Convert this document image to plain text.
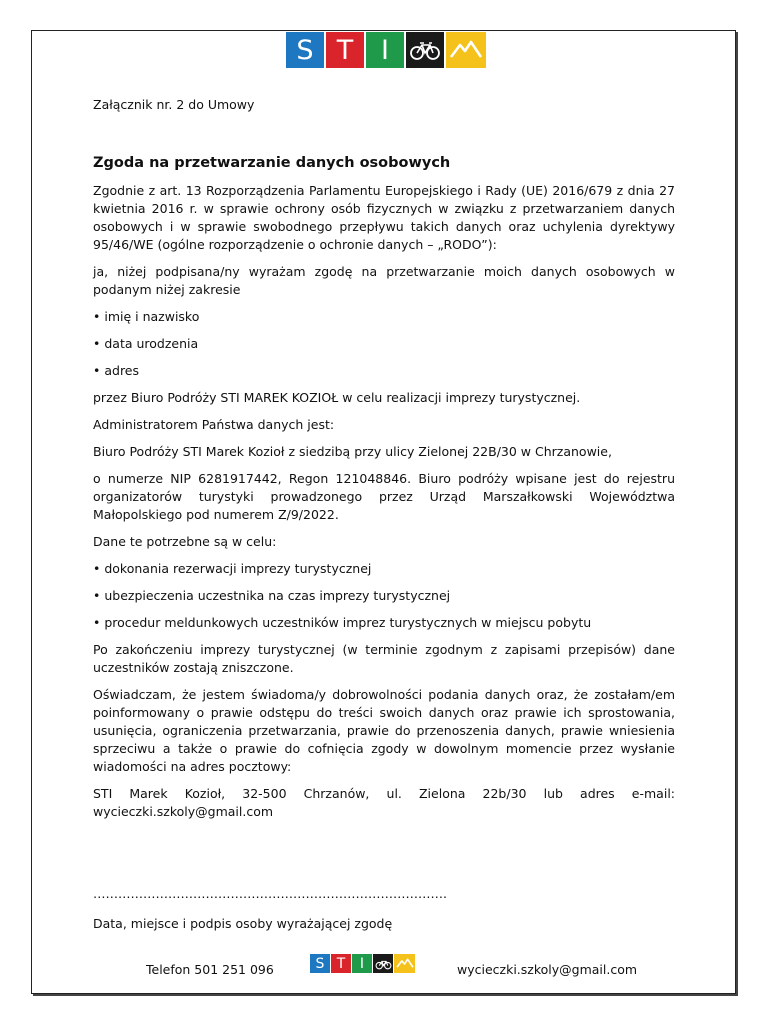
S T	I

Załącznik nr. 2 do Umowy

Zgoda na przetwarzanie danych osobowych

Zgodnie z art. 13 Rozporządzenia Parlamentu Europejskiego i Rady (UE) 2016/679 z dnia 27 kwietnia 2016 r. w sprawie ochrony osób fizycznych w związku z przetwarzaniem danych osobowych i w sprawie swobodnego przepływu takich danych oraz uchylenia dyrektywy 95/46/WE (ogólne rozporządzenie o ochronie danych – „RODO”):

ja, niżej podpisana/ny wyrażam zgodę na przetwarzanie moich danych osobowych w podanym niżej zakresie

• imię i nazwisko

• data urodzenia

• adres

przez Biuro Podróży STI MAREK KOZIOŁ w celu realizacji imprezy turystycznej.

Administratorem Państwa danych jest:

Biuro Podróży STI Marek Kozioł z siedzibą przy ulicy Zielonej 22B/30 w Chrzanowie,

o numerze NIP 6281917442, Regon 121048846. Biuro podróży wpisane jest do rejestru organizatorów turystyki prowadzonego przez Urząd Marszałkowski Województwa Małopolskiego pod numerem Z/9/2022.

Dane te potrzebne są w celu:

• dokonania rezerwacji imprezy turystycznej

• ubezpieczenia uczestnika na czas imprezy turystycznej

• procedur meldunkowych uczestników imprez turystycznych w miejscu pobytu

Po zakończeniu imprezy turystycznej (w terminie zgodnym z zapisami przepisów) dane uczestników zostają zniszczone.

Oświadczam, że jestem świadoma/y dobrowolności podania danych oraz, że zostałam/em poinformowany o prawie odstępu do treści swoich danych oraz prawie ich sprostowania, usunięcia, ograniczenia przetwarzania, prawie do przenoszenia danych, prawie wniesienia sprzeciwu a także o prawie do cofnięcia zgody w dowolnym momencie przez wysłanie wiadomości na adres pocztowy:

STI Marek Kozioł, 32-500 Chrzanów, ul. Zielona 22b/30 lub adres e-mail: wycieczki.szkoly@gmail.com

………………………………………………………………………….

Data, miejsce i podpis osoby wyrażającej zgodę

Telefon 501 251 096	S T	I	wycieczki.szkoly@gmail.com
